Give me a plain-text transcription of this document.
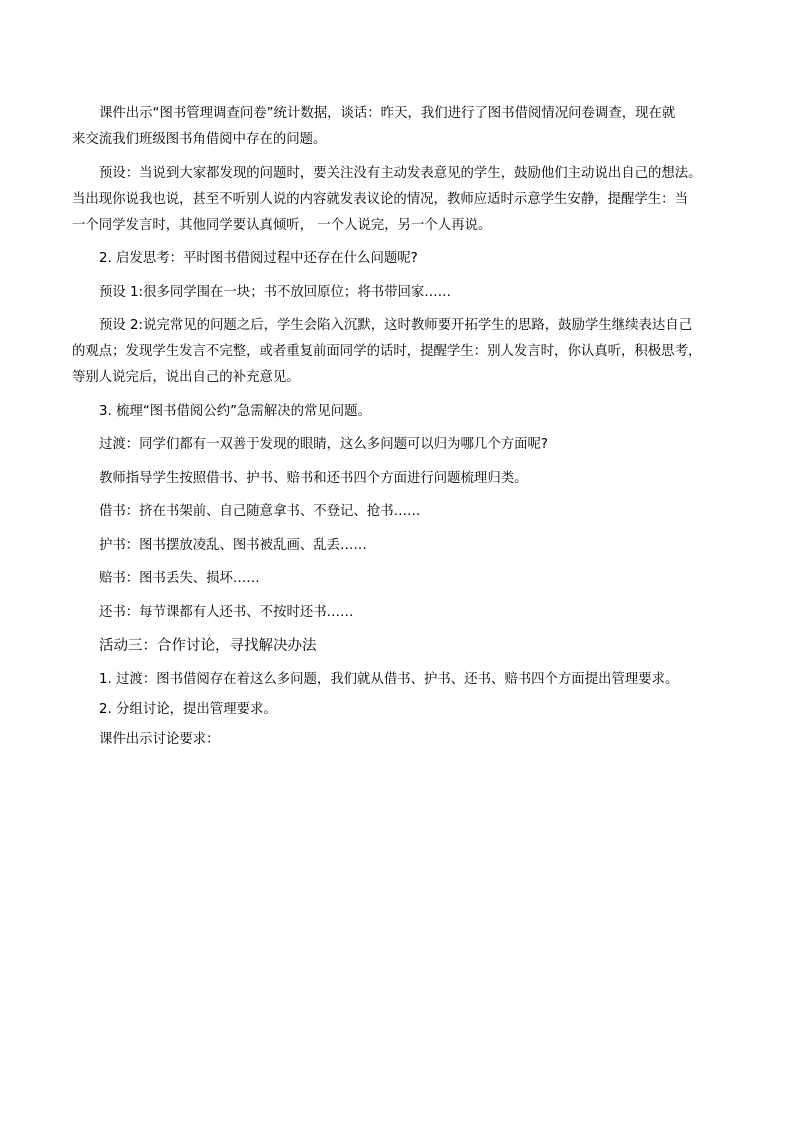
课件出示“图书管理调查问卷”统计数据，谈话：昨天，我们进行了图书借阅情况问卷调查，现在就

来交流我们班级图书角借阅中存在的问题。

预设：当说到大家都发现的问题时，要关注没有主动发表意见的学生，鼓励他们主动说出自己的想法。

当出现你说我也说，甚至不听别人说的内容就发表议论的情况，教师应适时示意学生安静，提醒学生：当

一个同学发言时，其他同学要认真倾听， 一个人说完，另一个人再说。

2. 启发思考：平时图书借阅过程中还存在什么问题呢?

预设 1:很多同学围在一块；书不放回原位；将书带回家……

预设 2:说完常见的问题之后，学生会陷入沉默，这时教师要开拓学生的思路，鼓励学生继续表达自己

的观点；发现学生发言不完整，或者重复前面同学的话时，提醒学生：别人发言时，你认真听，积极思考，

等别人说完后，说出自己的补充意见。

3. 梳理“图书借阅公约”急需解决的常见问题。

过渡：同学们都有一双善于发现的眼睛，这么多问题可以归为哪几个方面呢?

教师指导学生按照借书、护书、赔书和还书四个方面进行问题梳理归类。

借书：挤在书架前、自己随意拿书、不登记、抢书……

护书：图书摆放凌乱、图书被乱画、乱丢……

赔书：图书丢失、损坏……

还书：每节课都有人还书、不按时还书……

活动三：合作讨论，寻找解决办法

1. 过渡：图书借阅存在着这么多问题，我们就从借书、护书、还书、赔书四个方面提出管理要求。

2. 分组讨论，提出管理要求。

课件出示讨论要求：
